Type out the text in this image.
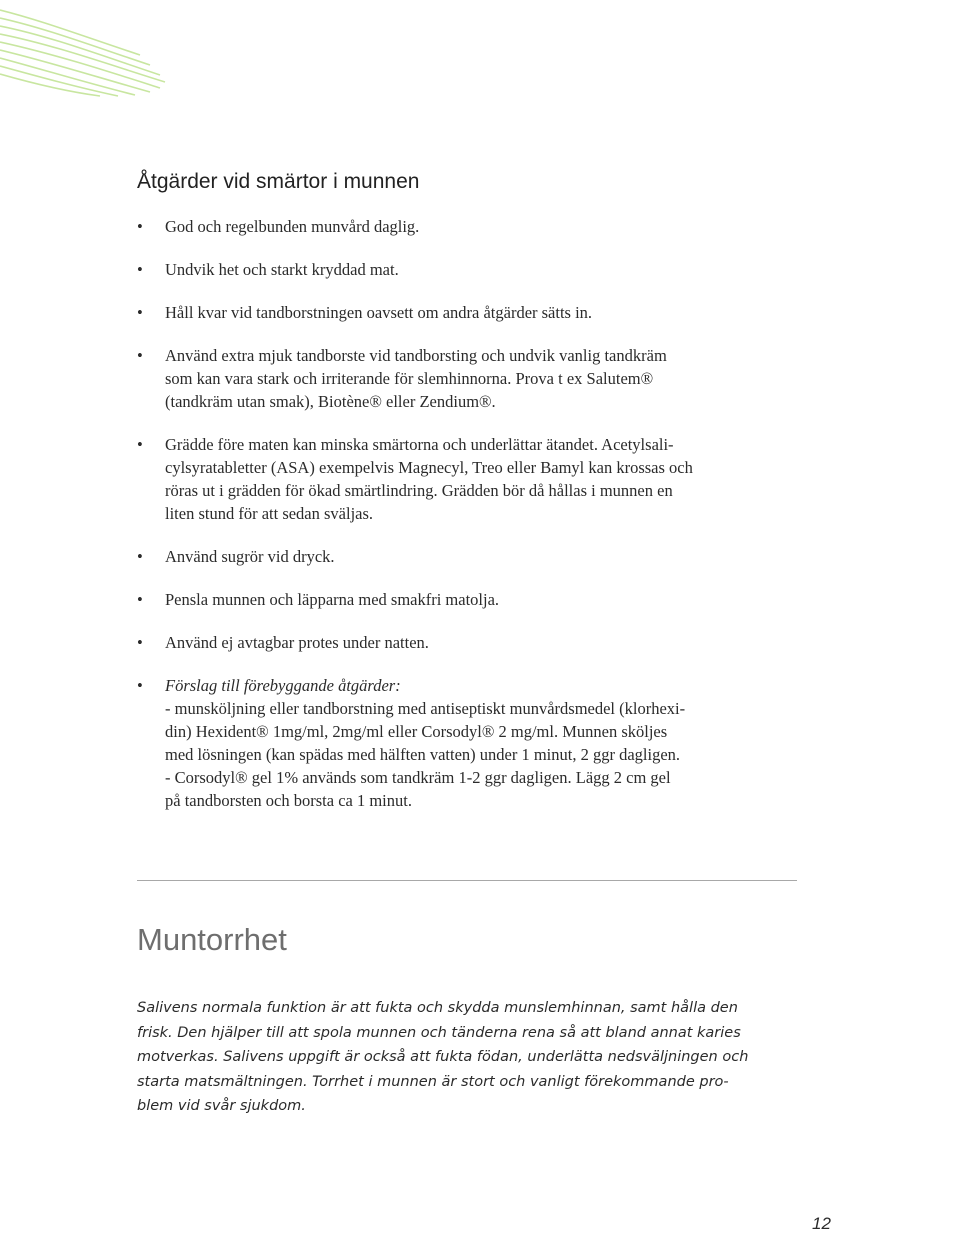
Åtgärder vid smärtor i munnen
• God och regelbunden munvård daglig.
• Undvik het och starkt kryddad mat.
• Håll kvar vid tandborstningen oavsett om andra åtgärder sätts in.
• Använd extra mjuk tandborste vid tandborsting och undvik vanlig tandkräm
som kan vara stark och irriterande för slemhinnorna. Prova t ex Salutem®
(tandkräm utan smak), Biotène® eller Zendium®.
• Grädde före maten kan minska smärtorna och underlättar ätandet. Acetylsali-
cylsyratabletter (ASA) exempelvis Magnecyl, Treo eller Bamyl kan krossas och
röras ut i grädden för ökad smärtlindring. Grädden bör då hållas i munnen en
liten stund för att sedan sväljas.
• Använd sugrör vid dryck.
• Pensla munnen och läpparna med smakfri matolja.
• Använd ej avtagbar protes under natten.
• Förslag till förebyggande åtgärder:
- munsköljning eller tandborstning med antiseptiskt munvårdsmedel (klorhexi-
din) Hexident® 1mg/ml, 2mg/ml eller Corsodyl® 2 mg/ml. Munnen sköljes
med lösningen (kan spädas med hälften vatten) under 1 minut, 2 ggr dagligen.
- Corsodyl® gel 1% används som tandkräm 1-2 ggr dagligen. Lägg 2 cm gel
på tandborsten och borsta ca 1 minut.
Muntorrhet

Salivens normala funktion är att fukta och skydda munslemhinnan, samt hålla den
frisk. Den hjälper till att spola munnen och tänderna rena så att bland annat karies
motverkas. Salivens uppgift är också att fukta födan, underlätta nedsväljningen och
starta matsmältningen. Torrhet i munnen är stort och vanligt förekommande pro-
blem vid svår sjukdom.

12
